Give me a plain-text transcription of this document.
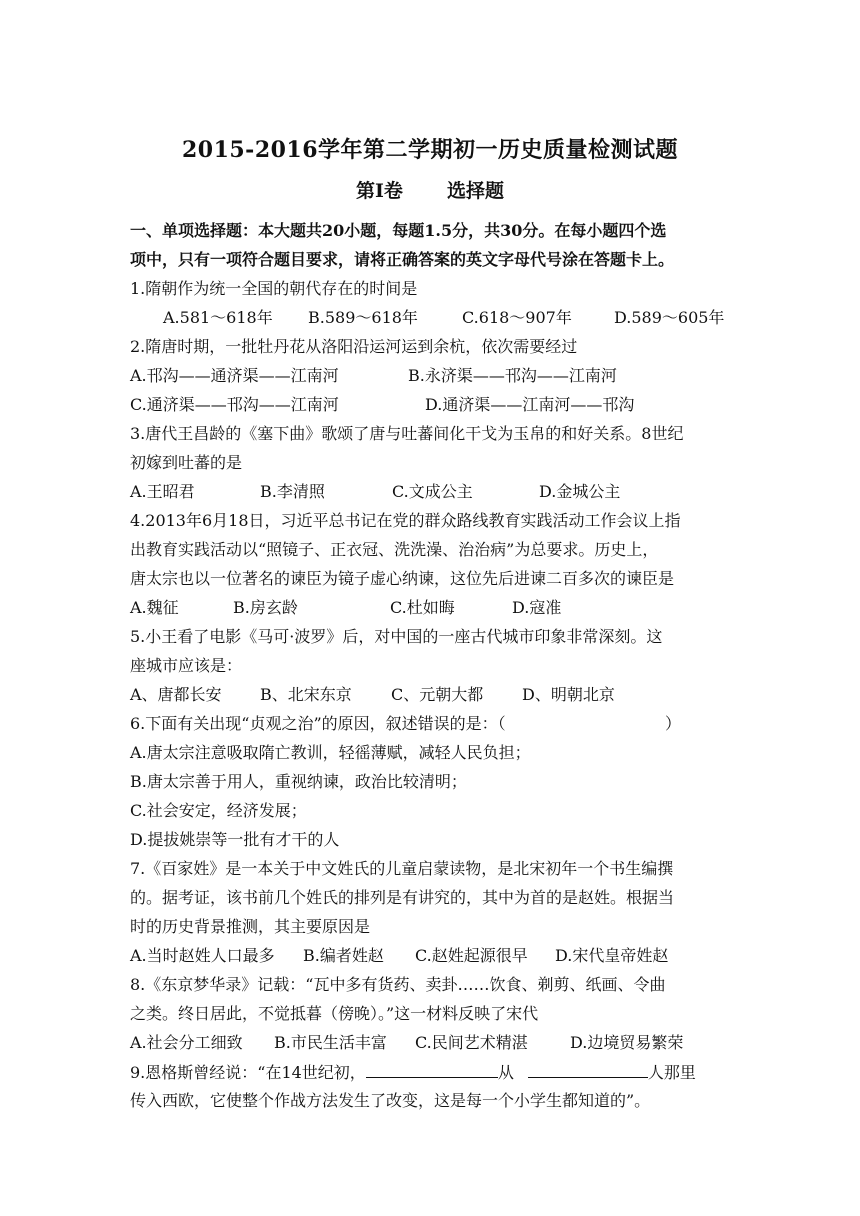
2015-2016学年第二学期初一历史质量检测试题
第Ⅰ卷 选择题
一、单项选择题：本大题共20小题，每题1.5分，共30分。在每小题四个选
项中，只有一项符合题目要求，请将正确答案的英文字母代号涂在答题卡上。
1.隋朝作为统一全国的朝代存在的时间是
A.581～618年 B.589～618年	C.618～907年	D.589～605年
2.隋唐时期，一批牡丹花从洛阳沿运河运到余杭，依次需要经过
A.邗沟——通济渠——江南河	B.永济渠——邗沟——江南河
C.通济渠——邗沟——江南河	D.通济渠——江南河——邗沟
3.唐代王昌龄的《塞下曲》歌颂了唐与吐蕃间化干戈为玉帛的和好关系。8世纪
初嫁到吐蕃的是
A.王昭君	B.李清照	C.文成公主	D.金城公主
4.2013年6月18日，习近平总书记在党的群众路线教育实践活动工作会议上指
出教育实践活动以“照镜子、正衣冠、洗洗澡、治治病”为总要求。历史上，
唐太宗也以一位著名的谏臣为镜子虚心纳谏，这位先后进谏二百多次的谏臣是
A.魏征	B.房玄龄	C.杜如晦	D.寇准
5.小王看了电影《马可·波罗》后，对中国的一座古代城市印象非常深刻。这
座城市应该是：
A、唐都长安 B、北宋东京 C、元朝大都 D、明朝北京
6.下面有关出现“贞观之治”的原因，叙述错误的是：（	）
A.唐太宗注意吸取隋亡教训，轻徭薄赋，减轻人民负担；
B.唐太宗善于用人，重视纳谏，政治比较清明；
C.社会安定，经济发展；
D.提拔姚崇等一批有才干的人
7.《百家姓》是一本关于中文姓氏的儿童启蒙读物，是北宋初年一个书生编撰
的。据考证，该书前几个姓氏的排列是有讲究的，其中为首的是赵姓。根据当
时的历史背景推测，其主要原因是
A.当时赵姓人口最多 B.编者姓赵 C.赵姓起源很早 D.宋代皇帝姓赵
8.《东京梦华录》记载：“瓦中多有货药、卖卦……饮食、剃剪、纸画、令曲
之类。终日居此，不觉抵暮（傍晚）。”这一材料反映了宋代
A.社会分工细致 B.市民生活丰富 C.民间艺术精湛	D.边境贸易繁荣
9.恩格斯曾经说：“在14世纪初，	从	人那里
传入西欧，它使整个作战方法发生了改变，这是每一个小学生都知道的”。
